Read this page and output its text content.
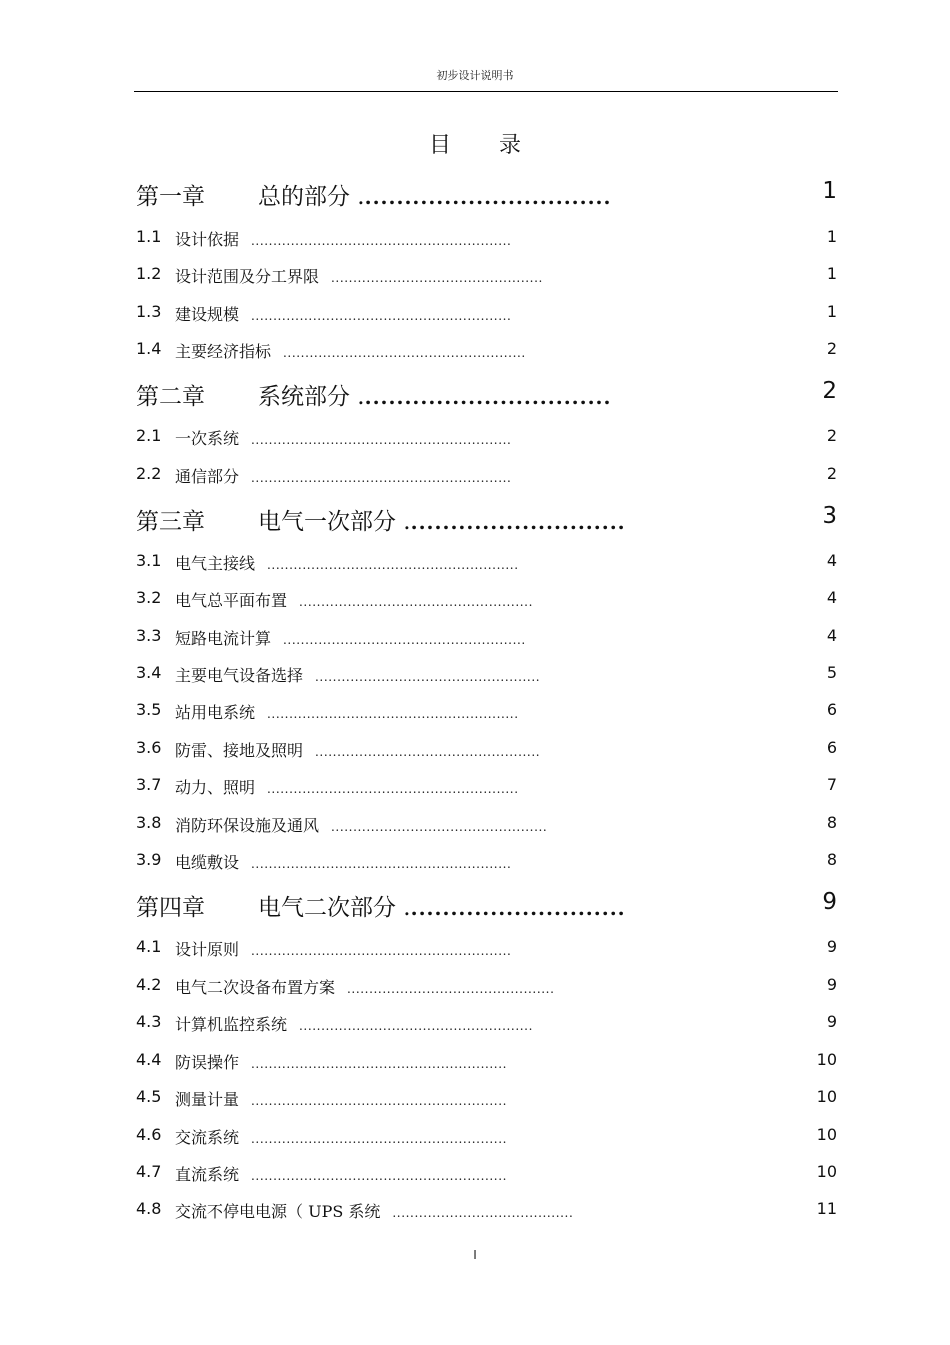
初步设计说明书
目录
第一章 总的部分 ................................	1
1.1 设计依据 ...........................................................	1
1.2 设计范围及分工界限 ................................................	1
1.3 建设规模 ...........................................................	1
1.4 主要经济指标 .......................................................	2
第二章 系统部分 ................................	2
2.1 一次系统 ...........................................................	2
2.2 通信部分 ...........................................................	2
第三章 电气一次部分 ............................	3
3.1 电气主接线 .........................................................	4
3.2 电气总平面布置 .....................................................	4
3.3 短路电流计算 .......................................................	4
3.4 主要电气设备选择 ...................................................	5
3.5 站用电系统 .........................................................	6
3.6 防雷、接地及照明 ...................................................	6
3.7 动力、照明 .........................................................	7
3.8 消防环保设施及通风 .................................................	8
3.9 电缆敷设 ...........................................................	8
第四章 电气二次部分 ............................	9
4.1 设计原则 ...........................................................	9
4.2 电气二次设备布置方案 ...............................................	9
4.3 计算机监控系统 .....................................................	9
4.4 防误操作 ..........................................................	10
4.5 测量计量 ..........................................................	10
4.6 交流系统 ..........................................................	10
4.7 直流系统 ..........................................................	10
4.8 交流不停电电源（ UPS 系统 .........................................	11
I
